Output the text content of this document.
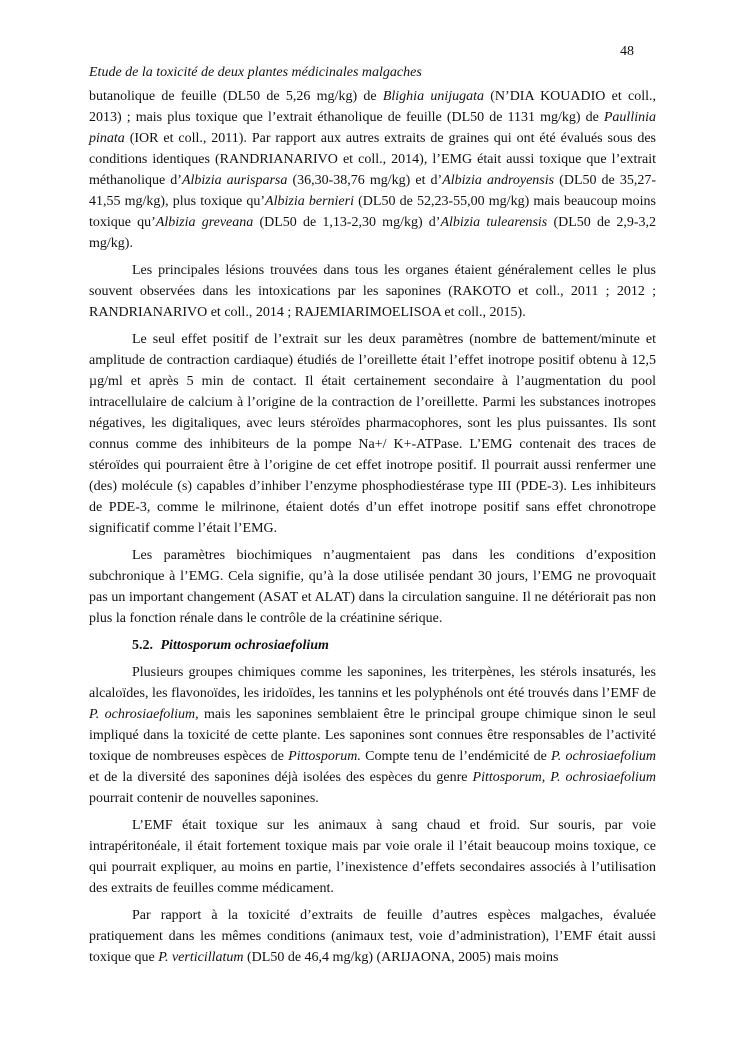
48
Etude de la toxicité de deux plantes médicinales malgaches

butanolique de feuille (DL50 de 5,26 mg/kg) de Blighia unijugata (N’DIA KOUADIO et coll., 2013) ; mais plus toxique que l’extrait éthanolique de feuille (DL50 de 1131 mg/kg) de Paullinia pinata (IOR et coll., 2011). Par rapport aux autres extraits de graines qui ont été évalués sous des conditions identiques (RANDRIANARIVO et coll., 2014), l’EMG était aussi toxique que l’extrait méthanolique d’Albizia aurisparsa (36,30-38,76 mg/kg) et d’Albizia androyensis (DL50 de 35,27-41,55 mg/kg), plus toxique qu’Albizia bernieri (DL50 de 52,23-55,00 mg/kg) mais beaucoup moins toxique qu’Albizia greveana (DL50 de 1,13-2,30 mg/kg) d’Albizia tulearensis (DL50 de 2,9-3,2 mg/kg).

Les principales lésions trouvées dans tous les organes étaient généralement celles le plus souvent observées dans les intoxications par les saponines (RAKOTO et coll., 2011 ; 2012 ; RANDRIANARIVO et coll., 2014 ; RAJEMIARIMOELISOA et coll., 2015).

Le seul effet positif de l’extrait sur les deux paramètres (nombre de battement/minute et amplitude de contraction cardiaque) étudiés de l’oreillette était l’effet inotrope positif obtenu à 12,5 µg/ml et après 5 min de contact. Il était certainement secondaire à l’augmentation du pool intracellulaire de calcium à l’origine de la contraction de l’oreillette. Parmi les substances inotropes négatives, les digitaliques, avec leurs stéroïdes pharmacophores, sont les plus puissantes. Ils sont connus comme des inhibiteurs de la pompe Na+/ K+-ATPase. L’EMG contenait des traces de stéroïdes qui pourraient être à l’origine de cet effet inotrope positif. Il pourrait aussi renfermer une (des) molécule (s) capables d’inhiber l’enzyme phosphodiestérase type III (PDE-3). Les inhibiteurs de PDE-3, comme le milrinone, étaient dotés d’un effet inotrope positif sans effet chronotrope significatif comme l’était l’EMG.

Les paramètres biochimiques n’augmentaient pas dans les conditions d’exposition subchronique à l’EMG. Cela signifie, qu’à la dose utilisée pendant 30 jours, l’EMG ne provoquait pas un important changement (ASAT et ALAT) dans la circulation sanguine. Il ne détériorait pas non plus la fonction rénale dans le contrôle de la créatinine sérique.

5.2. Pittosporum ochrosiaefolium

Plusieurs groupes chimiques comme les saponines, les triterpènes, les stérols insaturés, les alcaloïdes, les flavonoïdes, les iridoïdes, les tannins et les polyphénols ont été trouvés dans l’EMF de P. ochrosiaefolium, mais les saponines semblaient être le principal groupe chimique sinon le seul impliqué dans la toxicité de cette plante. Les saponines sont connues être responsables de l’activité toxique de nombreuses espèces de Pittosporum. Compte tenu de l’endémicité de P. ochrosiaefolium et de la diversité des saponines déjà isolées des espèces du genre Pittosporum, P. ochrosiaefolium pourrait contenir de nouvelles saponines.

L’EMF était toxique sur les animaux à sang chaud et froid. Sur souris, par voie intrapéritonéale, il était fortement toxique mais par voie orale il l’était beaucoup moins toxique, ce qui pourrait expliquer, au moins en partie, l’inexistence d’effets secondaires associés à l’utilisation des extraits de feuilles comme médicament.

Par rapport à la toxicité d’extraits de feuille d’autres espèces malgaches, évaluée pratiquement dans les mêmes conditions (animaux test, voie d’administration), l’EMF était aussi toxique que P. verticillatum (DL50 de 46,4 mg/kg) (ARIJAONA, 2005) mais moins
